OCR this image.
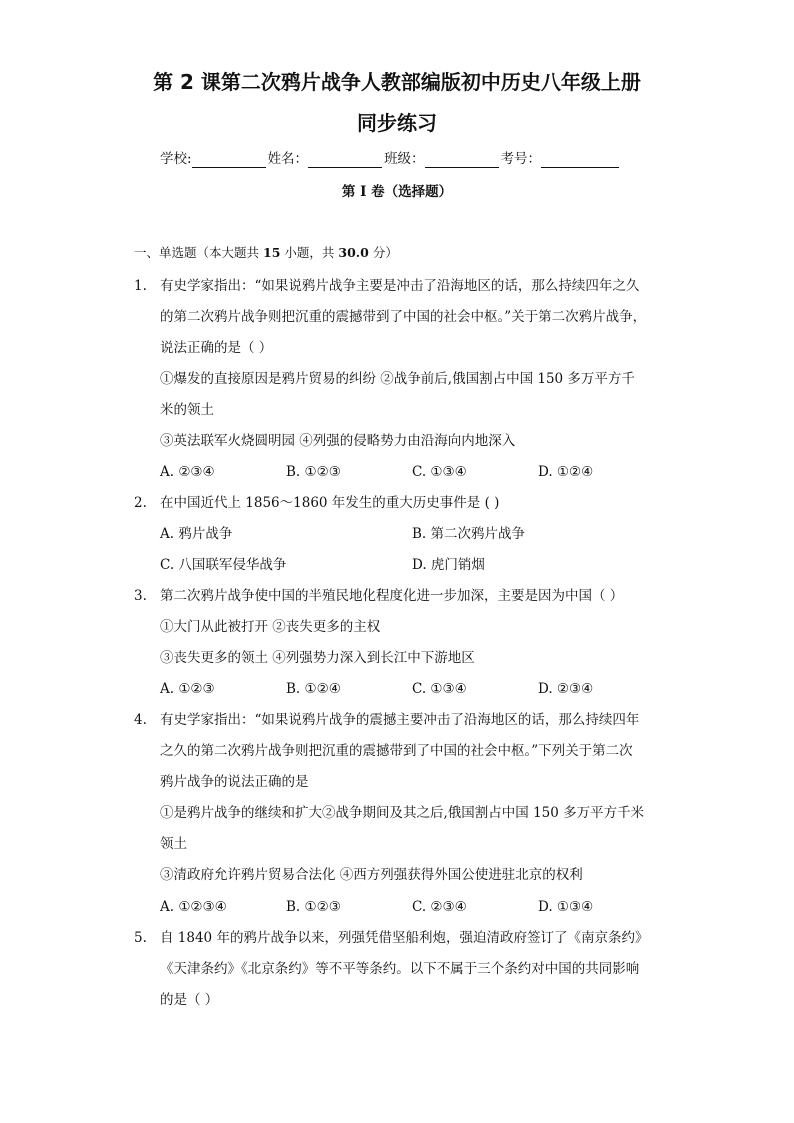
第 2 课第二次鸦片战争人教部编版初中历史八年级上册
同步练习
学校:	姓名：	班级：	考号：
第 I 卷（选择题）
一、单选题（本大题共 15 小题，共 30.0 分）
1. 有史学家指出：“如果说鸦片战争主要是冲击了沿海地区的话，那么持续四年之久
的第二次鸦片战争则把沉重的震撼带到了中国的社会中枢。”关于第二次鸦片战争，
说法正确的是（ ）
①爆发的直接原因是鸦片贸易的纠纷 ②战争前后,俄国割占中国 150 多万平方千
米的领土
③英法联军火烧圆明园 ④列强的侵略势力由沿海向内地深入
A. ②③④	B. ①②③	C. ①③④	D. ①②④
2. 在中国近代上 1856～1860 年发生的重大历史事件是 ( )
A. 鸦片战争	B. 第二次鸦片战争
C. 八国联军侵华战争	D. 虎门销烟
3. 第二次鸦片战争使中国的半殖民地化程度化进一步加深，主要是因为中国（ ）
①大门从此被打开 ②丧失更多的主权
③丧失更多的领土 ④列强势力深入到长江中下游地区
A. ①②③	B. ①②④	C. ①③④	D. ②③④
4. 有史学家指出：“如果说鸦片战争的震撼主要冲击了沿海地区的话，那么持续四年
之久的第二次鸦片战争则把沉重的震撼带到了中国的社会中枢。”下列关于第二次
鸦片战争的说法正确的是
①是鸦片战争的继续和扩大②战争期间及其之后,俄国割占中国 150 多万平方千米
领土
③清政府允许鸦片贸易合法化 ④西方列强获得外国公使进驻北京的权利
A. ①②③④	B. ①②③	C. ②③④	D. ①③④
5. 自 1840 年的鸦片战争以来，列强凭借坚船利炮，强迫清政府签订了《南京条约》
《天津条约》《北京条约》等不平等条约。以下不属于三个条约对中国的共同影响
的是（ ）
